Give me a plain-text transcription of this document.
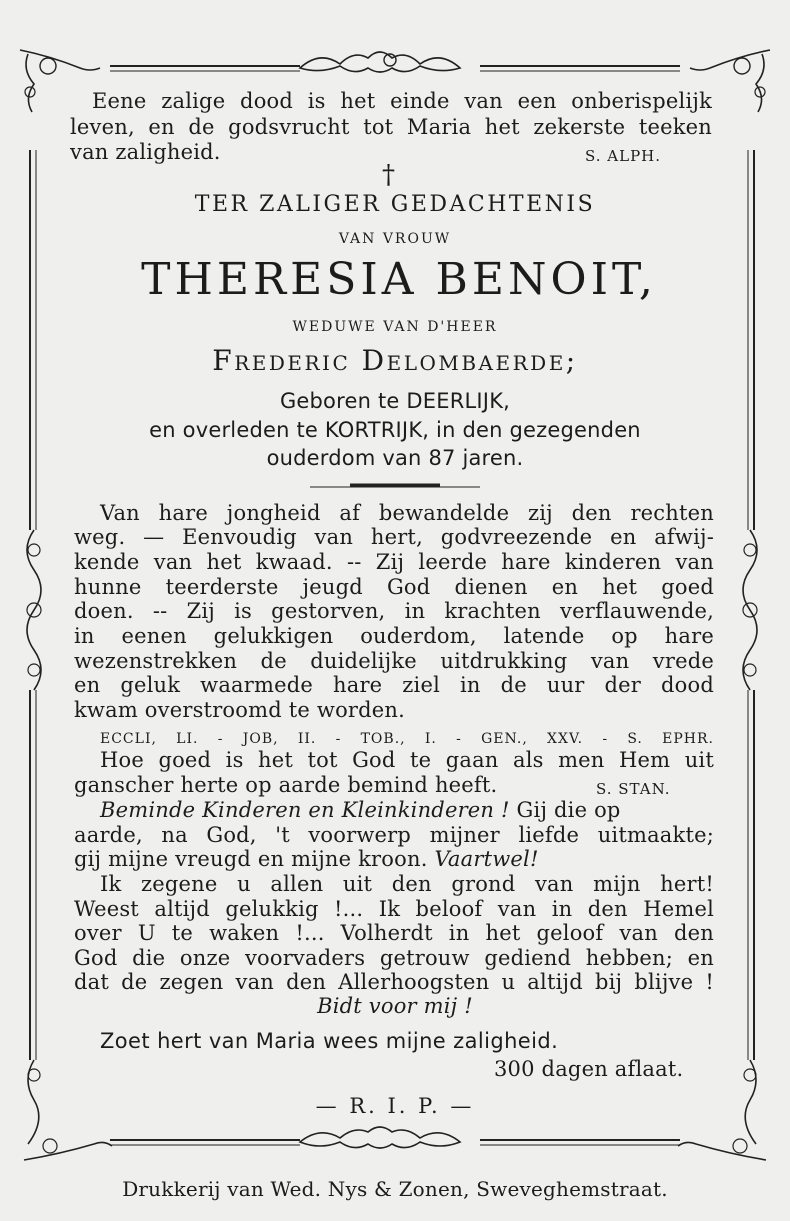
Eene zalige dood is het einde van een onberispelijk
leven, en de godsvrucht tot Maria het zekerste teeken
van zaligheid.	S. ALPH.
†
TER ZALIGER GEDACHTENIS
VAN VROUW
THERESIA BENOIT,
WEDUWE VAN D'HEER
Frederic Delombaerde;
Geboren te DEERLIJK,
en overleden te KORTRIJK, in den gezegenden
ouderdom van 87 jaren.
Van hare jongheid af bewandelde zij den rechten
weg. — Eenvoudig van hert, godvreezende en afwij-
kende van het kwaad. -- Zij leerde hare kinderen van
hunne teerderste jeugd God dienen en het goed
doen. -- Zij is gestorven, in krachten verflauwende,
in eenen gelukkigen ouderdom, latende op hare
wezenstrekken de duidelijke uitdrukking van vrede
en geluk waarmede hare ziel in de uur der dood
kwam overstroomd te worden.
ECCLI, LI. - JOB, II. - TOB., I. - GEN., XXV. - S. EPHR.
Hoe goed is het tot God te gaan als men Hem uit
ganscher herte op aarde bemind heeft.	S. STAN.
Beminde Kinderen en Kleinkinderen ! Gij die op
aarde, na God, 't voorwerp mijner liefde uitmaakte;
gij mijne vreugd en mijne kroon. Vaartwel!
Ik zegene u allen uit den grond van mijn hert!
Weest altijd gelukkig !... Ik beloof van in den Hemel
over U te waken !... Volherdt in het geloof van den
God die onze voorvaders getrouw gediend hebben; en
dat de zegen van den Allerhoogsten u altijd bij blijve !
Bidt voor mij !
Zoet hert van Maria wees mijne zaligheid.
300 dagen aflaat.
— R. I. P. —
Drukkerij van Wed. Nys & Zonen, Sweveghemstraat.
